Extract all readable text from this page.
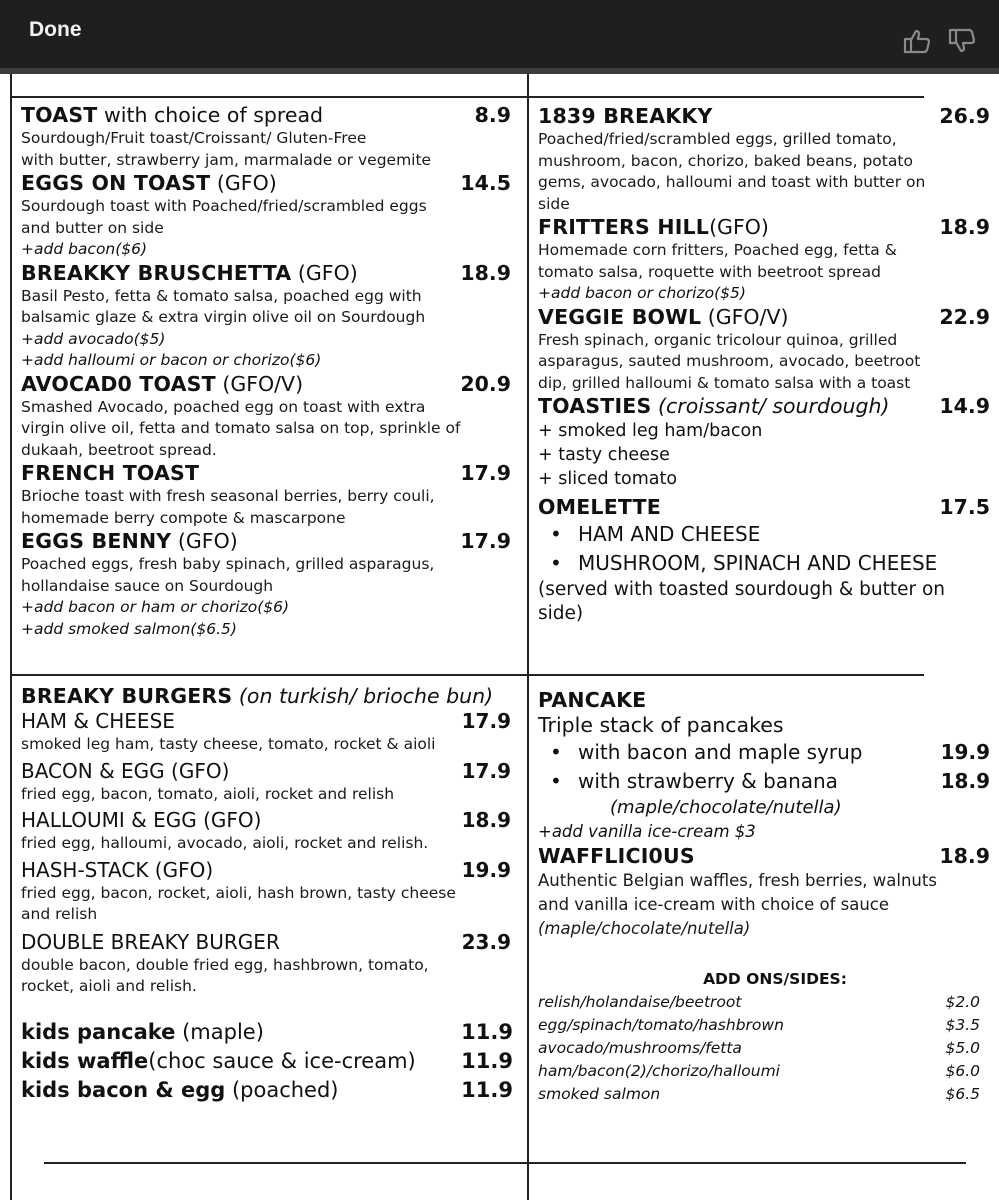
Done
TOAST with choice of spread	8.9
Sourdough/Fruit toast/Croissant/ Gluten-Free
with butter, strawberry jam, marmalade or vegemite
EGGS ON TOAST (GFO)	14.5
Sourdough toast with Poached/fried/scrambled eggs
and butter on side
+add bacon($6)
BREAKKY BRUSCHETTA (GFO)	18.9
Basil Pesto, fetta & tomato salsa, poached egg with
balsamic glaze & extra virgin olive oil on Sourdough
+add avocado($5)
+add halloumi or bacon or chorizo($6)
AVOCAD0 TOAST (GFO/V)	20.9
Smashed Avocado, poached egg on toast with extra
virgin olive oil, fetta and tomato salsa on top, sprinkle of
dukaah, beetroot spread.
FRENCH TOAST	17.9
Brioche toast with fresh seasonal berries, berry couli,
homemade berry compote & mascarpone
EGGS BENNY (GFO)	17.9
Poached eggs, fresh baby spinach, grilled asparagus,
hollandaise sauce on Sourdough
+add bacon or ham or chorizo($6)
+add smoked salmon($6.5)
1839 BREAKKY	26.9
Poached/fried/scrambled eggs, grilled tomato,
mushroom, bacon, chorizo, baked beans, potato
gems, avocado, halloumi and toast with butter on
side
FRITTERS HILL(GFO)	18.9
Homemade corn fritters, Poached egg, fetta &
tomato salsa, roquette with beetroot spread
+add bacon or chorizo($5)
VEGGIE BOWL (GFO/V)	22.9
Fresh spinach, organic tricolour quinoa, grilled
asparagus, sauted mushroom, avocado, beetroot
dip, grilled halloumi & tomato salsa with a toast
TOASTIES (croissant/ sourdough) 14.9
+ smoked leg ham/bacon
+ tasty cheese
+ sliced tomato
OMELETTE	17.5
• HAM AND CHEESE
• MUSHROOM, SPINACH AND CHEESE
(served with toasted sourdough & butter on
side)
BREAKY BURGERS (on turkish/ brioche bun)
HAM & CHEESE	17.9
smoked leg ham, tasty cheese, tomato, rocket & aioli
BACON & EGG (GFO)	17.9
fried egg, bacon, tomato, aioli, rocket and relish
HALLOUMI & EGG (GFO)	18.9
fried egg, halloumi, avocado, aioli, rocket and relish.
HASH-STACK (GFO)	19.9
fried egg, bacon, rocket, aioli, hash brown, tasty cheese
and relish
DOUBLE BREAKY BURGER	23.9
double bacon, double fried egg, hashbrown, tomato,
rocket, aioli and relish.
kids pancake (maple)	11.9
kids waffle(choc sauce & ice-cream) 11.9
kids bacon & egg (poached)	11.9
PANCAKE
Triple stack of pancakes
• with bacon and maple syrup	19.9
• with strawberry & banana	18.9
(maple/chocolate/nutella)
+add vanilla ice-cream $3
WAFFLICI0US	18.9
Authentic Belgian waffles, fresh berries, walnuts
and vanilla ice-cream with choice of sauce
(maple/chocolate/nutella)
ADD ONS/SIDES:
relish/holandaise/beetroot	$2.0
egg/spinach/tomato/hashbrown	$3.5
avocado/mushrooms/fetta	$5.0
ham/bacon(2)/chorizo/halloumi	$6.0
smoked salmon	$6.5
